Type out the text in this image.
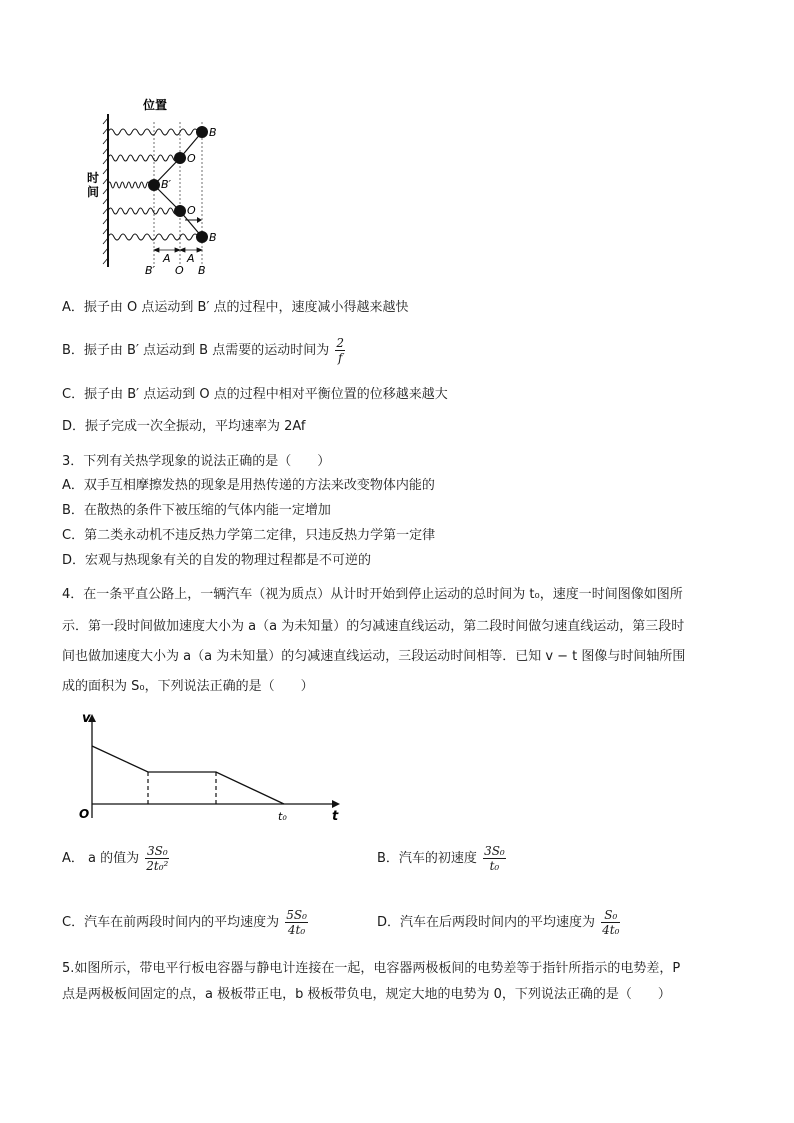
位置
时
间
B
O
B′
O
B
A A
B′ O B
A．振子由 O 点运动到 B′ 点的过程中，速度减小得越来越快
B．振子由 B′ 点运动到 B 点需要的运动时间为 $\frac{2}{f}$
C．振子由 B′ 点运动到 O 点的过程中相对平衡位置的位移越来越大
D．振子完成一次全振动，平均速率为 2Af
3．下列有关热学现象的说法正确的是（　　）
A．双手互相摩擦发热的现象是用热传递的方法来改变物体内能的
B．在散热的条件下被压缩的气体内能一定增加
C．第二类永动机不违反热力学第二定律，只违反热力学第一定律
D．宏观与热现象有关的自发的物理过程都是不可逆的
4．在一条平直公路上，一辆汽车（视为质点）从计时开始到停止运动的总时间为 t₀，速度一时间图像如图所
示．第一段时间做加速度大小为 a（a 为未知量）的匀减速直线运动，第二段时间做匀速直线运动，第三段时
间也做加速度大小为 a（a 为未知量）的匀减速直线运动，三段运动时间相等．已知 v − t 图像与时间轴所围
成的面积为 S₀，下列说法正确的是（　　）
v
t
O	t₀
A． a 的值为 $\frac{\text{3S₀}}{\text{2t₀²}}$	B．汽车的初速度 $\frac{\text{3S₀}}{\text{t₀}}$
C．汽车在前两段时间内的平均速度为 $\frac{\text{5S₀}}{\text{4t₀}}$	D．汽车在后两段时间内的平均速度为 $\frac{\text{S₀}}{\text{4t₀}}$
5.如图所示，带电平行板电容器与静电计连接在一起，电容器两极板间的电势差等于指针所指示的电势差，P
点是两极板间固定的点，a 极板带正电，b 极板带负电，规定大地的电势为 0，下列说法正确的是（　　）
